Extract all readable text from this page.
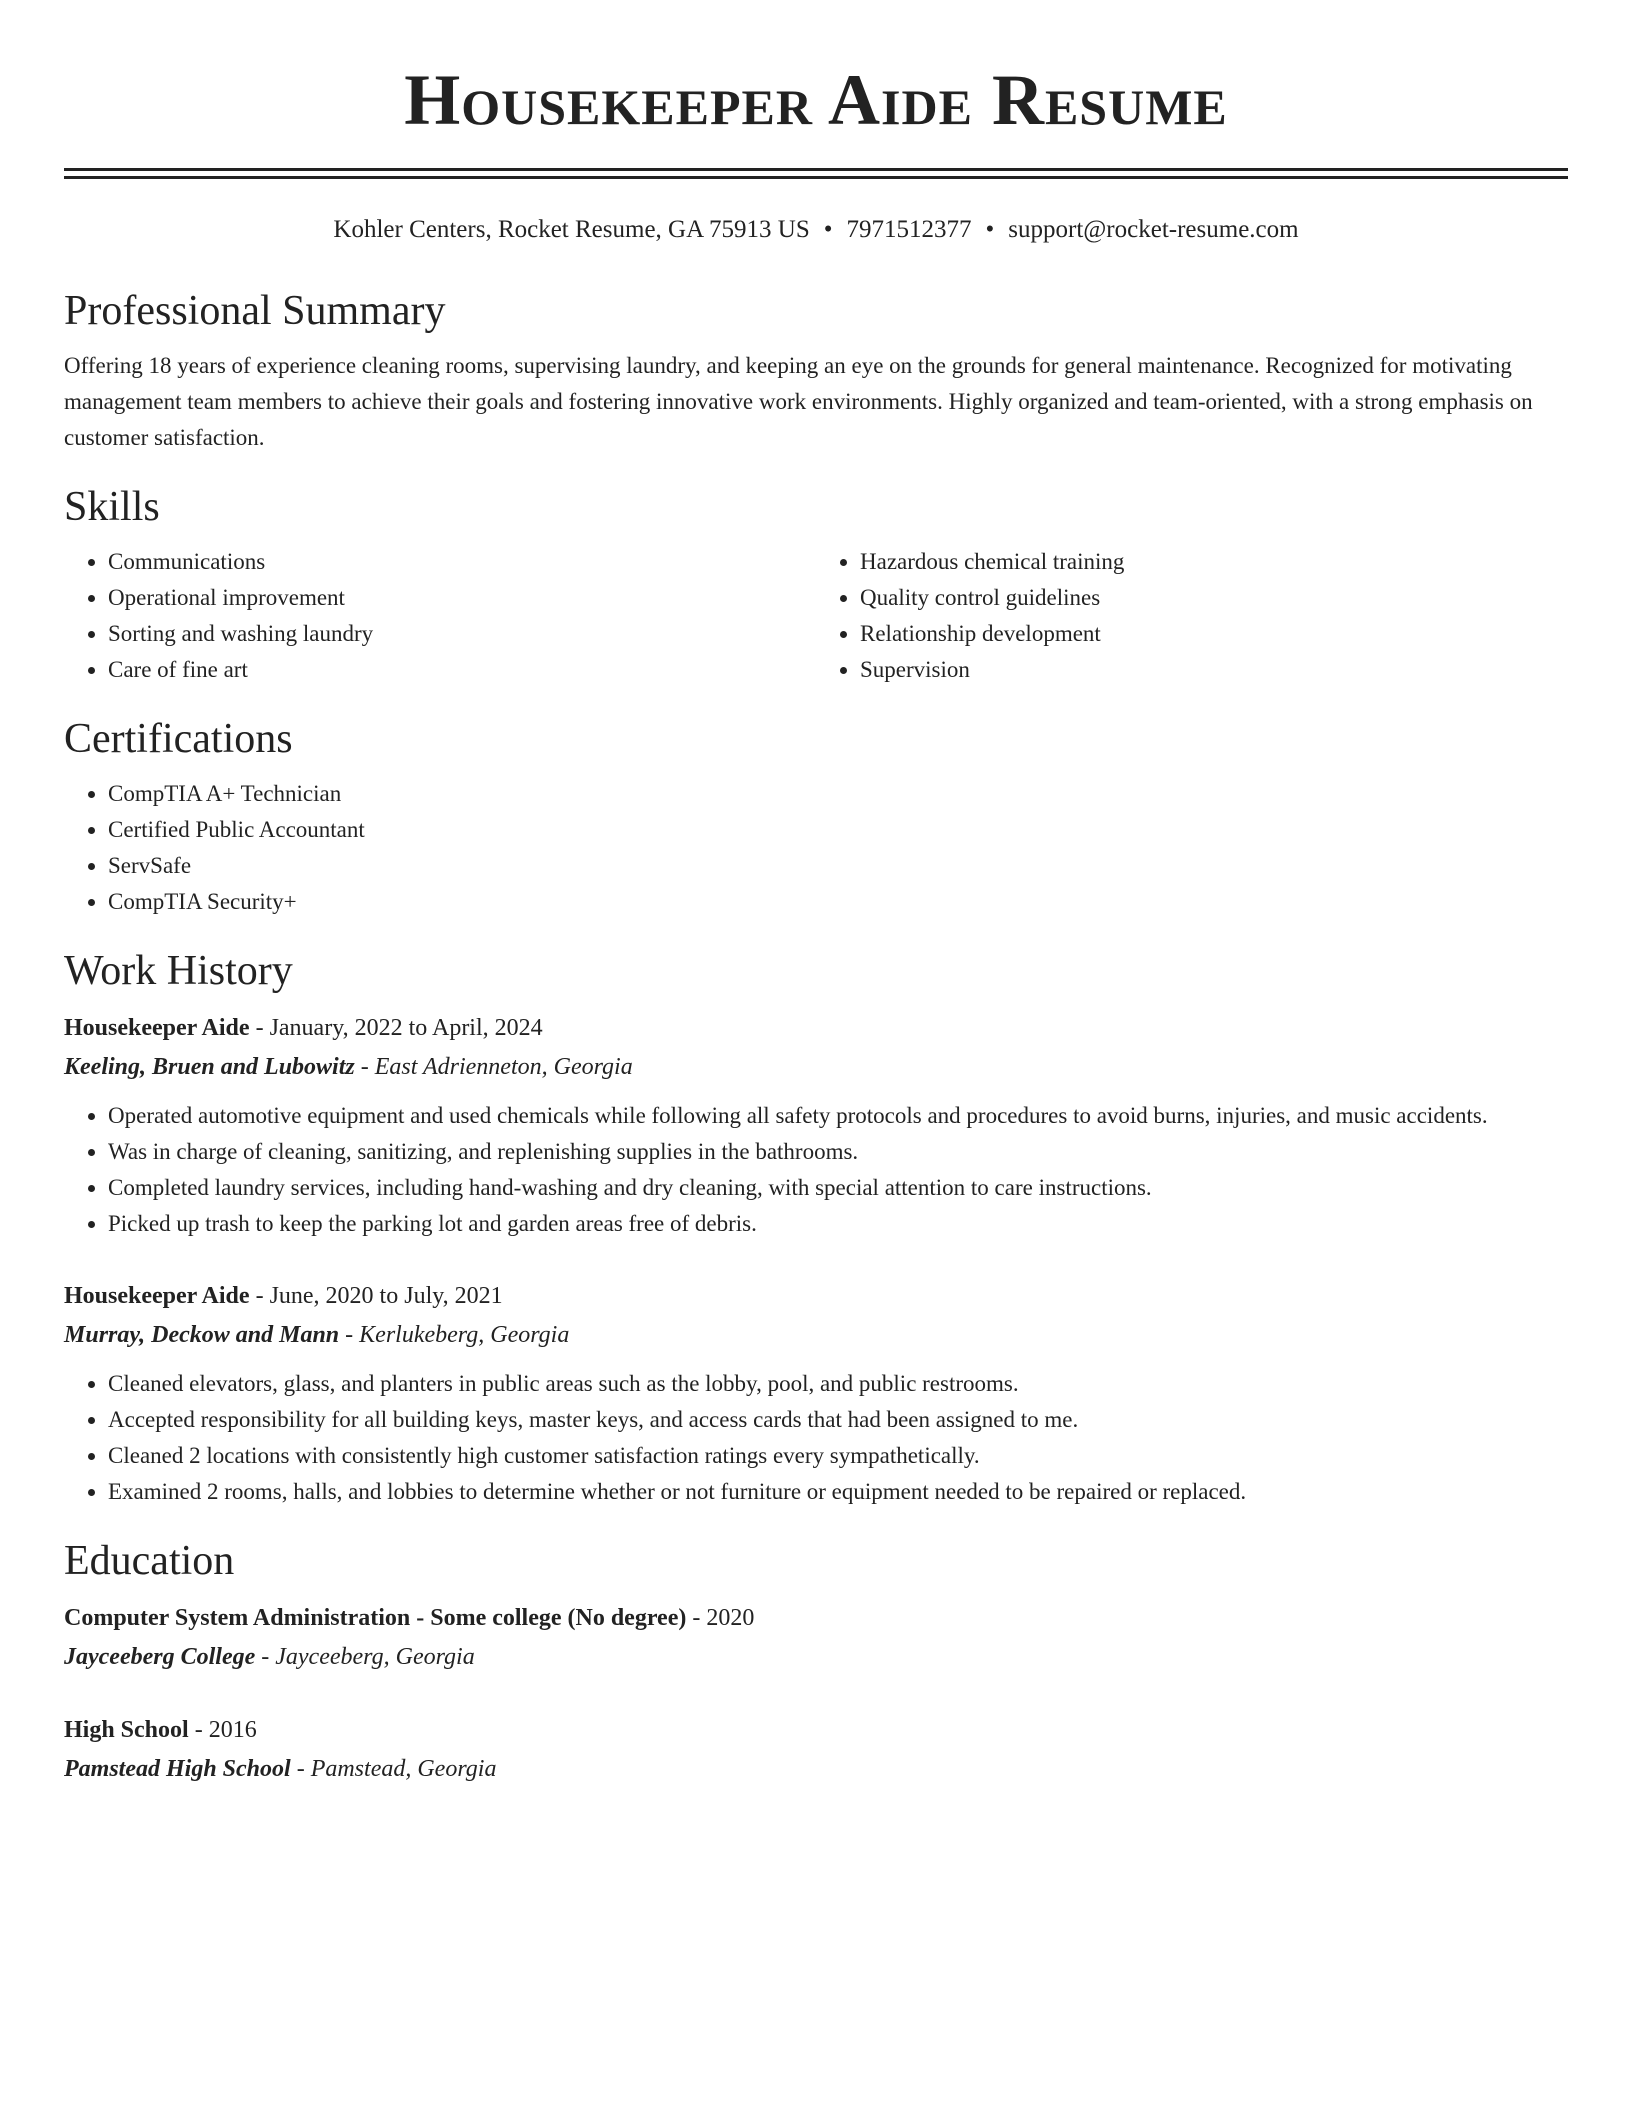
Housekeeper Aide Resume
Kohler Centers, Rocket Resume, GA 75913 US • 7971512377 • support@rocket-resume.com
Professional Summary

Offering 18 years of experience cleaning rooms, supervising laundry, and keeping an eye on the grounds for general maintenance. Recognized for motivating management team members to achieve their goals and fostering innovative work environments. Highly organized and team-oriented, with a strong emphasis on customer satisfaction.

Skills
• Communications
• Operational improvement
• Sorting and washing laundry
• Care of fine art
• Hazardous chemical training
• Quality control guidelines
• Relationship development
• Supervision
Certifications
• CompTIA A+ Technician
• Certified Public Accountant
• ServSafe
• CompTIA Security+
Work History
Housekeeper Aide - January, 2022 to April, 2024
Keeling, Bruen and Lubowitz - East Adrienneton, Georgia
• Operated automotive equipment and used chemicals while following all safety protocols and procedures to avoid burns, injuries, and music accidents.
• Was in charge of cleaning, sanitizing, and replenishing supplies in the bathrooms.
• Completed laundry services, including hand-washing and dry cleaning, with special attention to care instructions.
• Picked up trash to keep the parking lot and garden areas free of debris.
Housekeeper Aide - June, 2020 to July, 2021
Murray, Deckow and Mann - Kerlukeberg, Georgia
• Cleaned elevators, glass, and planters in public areas such as the lobby, pool, and public restrooms.
• Accepted responsibility for all building keys, master keys, and access cards that had been assigned to me.
• Cleaned 2 locations with consistently high customer satisfaction ratings every sympathetically.
• Examined 2 rooms, halls, and lobbies to determine whether or not furniture or equipment needed to be repaired or replaced.
Education
Computer System Administration - Some college (No degree) - 2020
Jayceeberg College - Jayceeberg, Georgia
High School - 2016
Pamstead High School - Pamstead, Georgia
